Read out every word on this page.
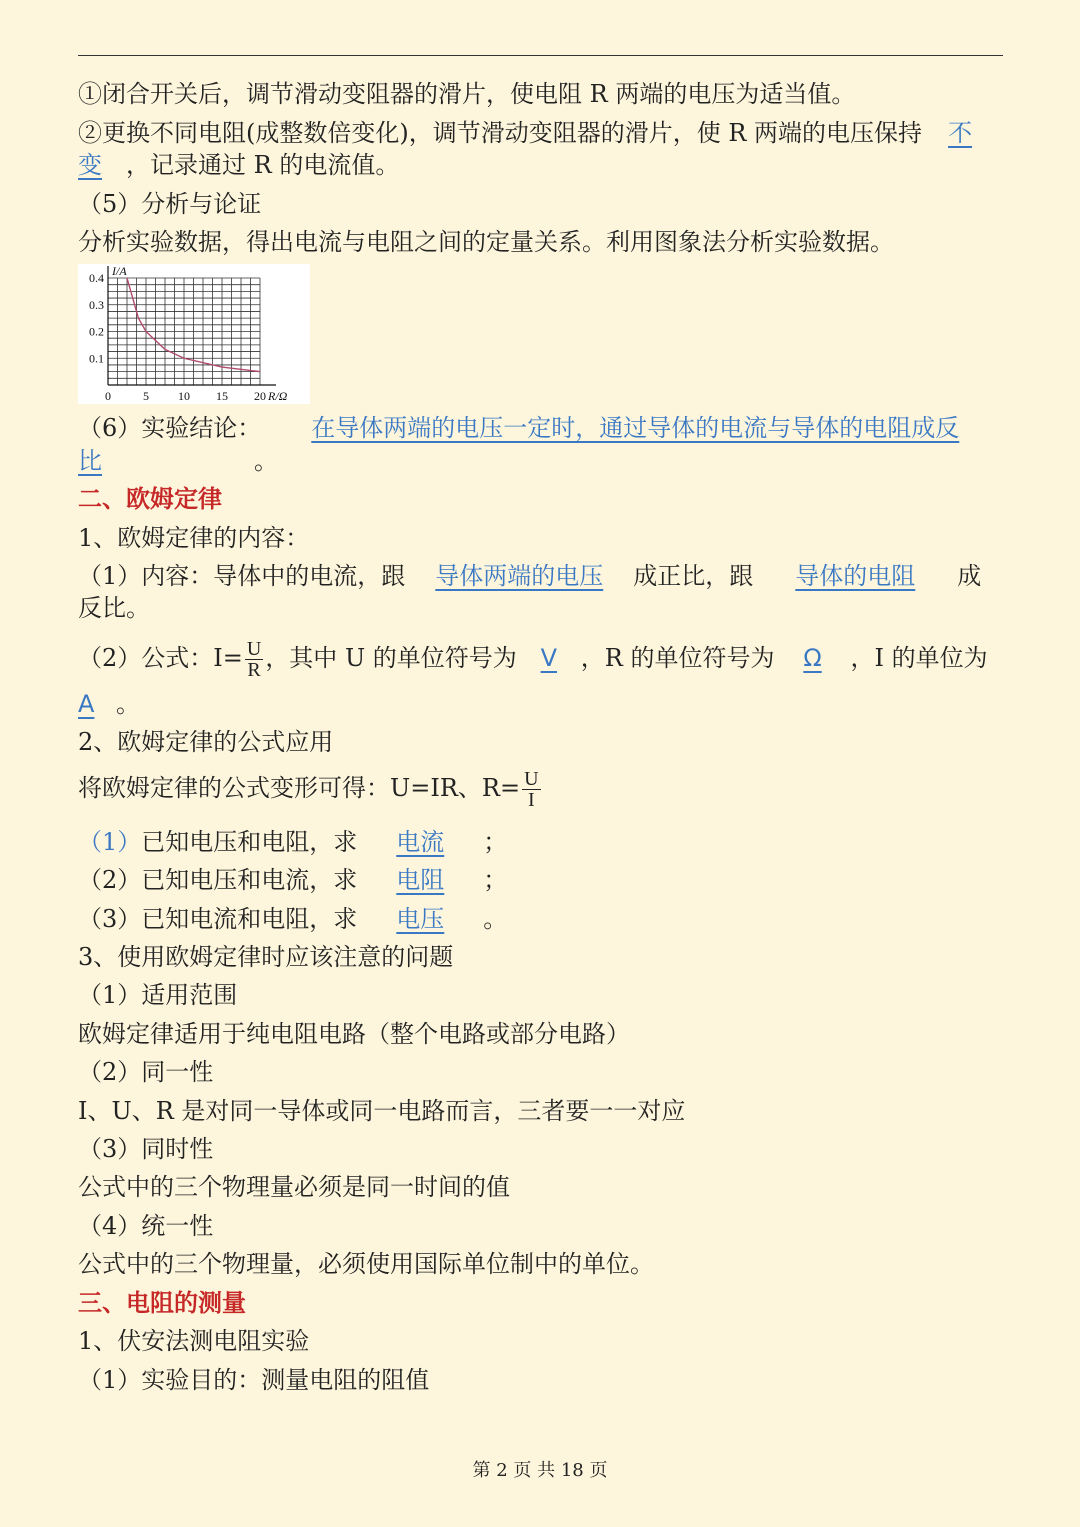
①闭合开关后，调节滑动变阻器的滑片，使电阻 R 两端的电压为适当值。
②更换不同电阻(成整数倍变化)，调节滑动变阻器的滑片，使 R 两端的电压保持 不
变 ，记录通过 R 的电流值。
（5）分析与论证
分析实验数据，得出电流与电阻之间的定量关系。利用图象法分析实验数据。
0	5 10 15 20
0.1
0.2
0.3
0.4
R/Ω
I/A
（6）实验结论： 在导体两端的电压一定时，通过导体的电流与导体的电阻成反
比	。
二、欧姆定律
1、欧姆定律的内容：
（1）内容：导体中的电流，跟 导体两端的电压 成正比，跟 导体的电阻 成
反比。
（2）公式：$I= \frac{U}{R}$ ，其中 U 的单位符号为 V ，R 的单位符号为 Ω ，I 的单位为
A 。
2、欧姆定律的公式应用
将欧姆定律的公式变形可得：U=IR、$R= \frac{U}{I}$
（1）已知电压和电阻，求 电流 ；
（2）已知电压和电流，求 电阻 ；
（3）已知电流和电阻，求 电压 。
3、使用欧姆定律时应该注意的问题
（1）适用范围
欧姆定律适用于纯电阻电路（整个电路或部分电路）
（2）同一性
I、U、R 是对同一导体或同一电路而言，三者要一一对应
（3）同时性
公式中的三个物理量必须是同一时间的值
（4）统一性
公式中的三个物理量，必须使用国际单位制中的单位。
三、电阻的测量
1、伏安法测电阻实验
（1）实验目的：测量电阻的阻值
第 2 页 共 18 页
